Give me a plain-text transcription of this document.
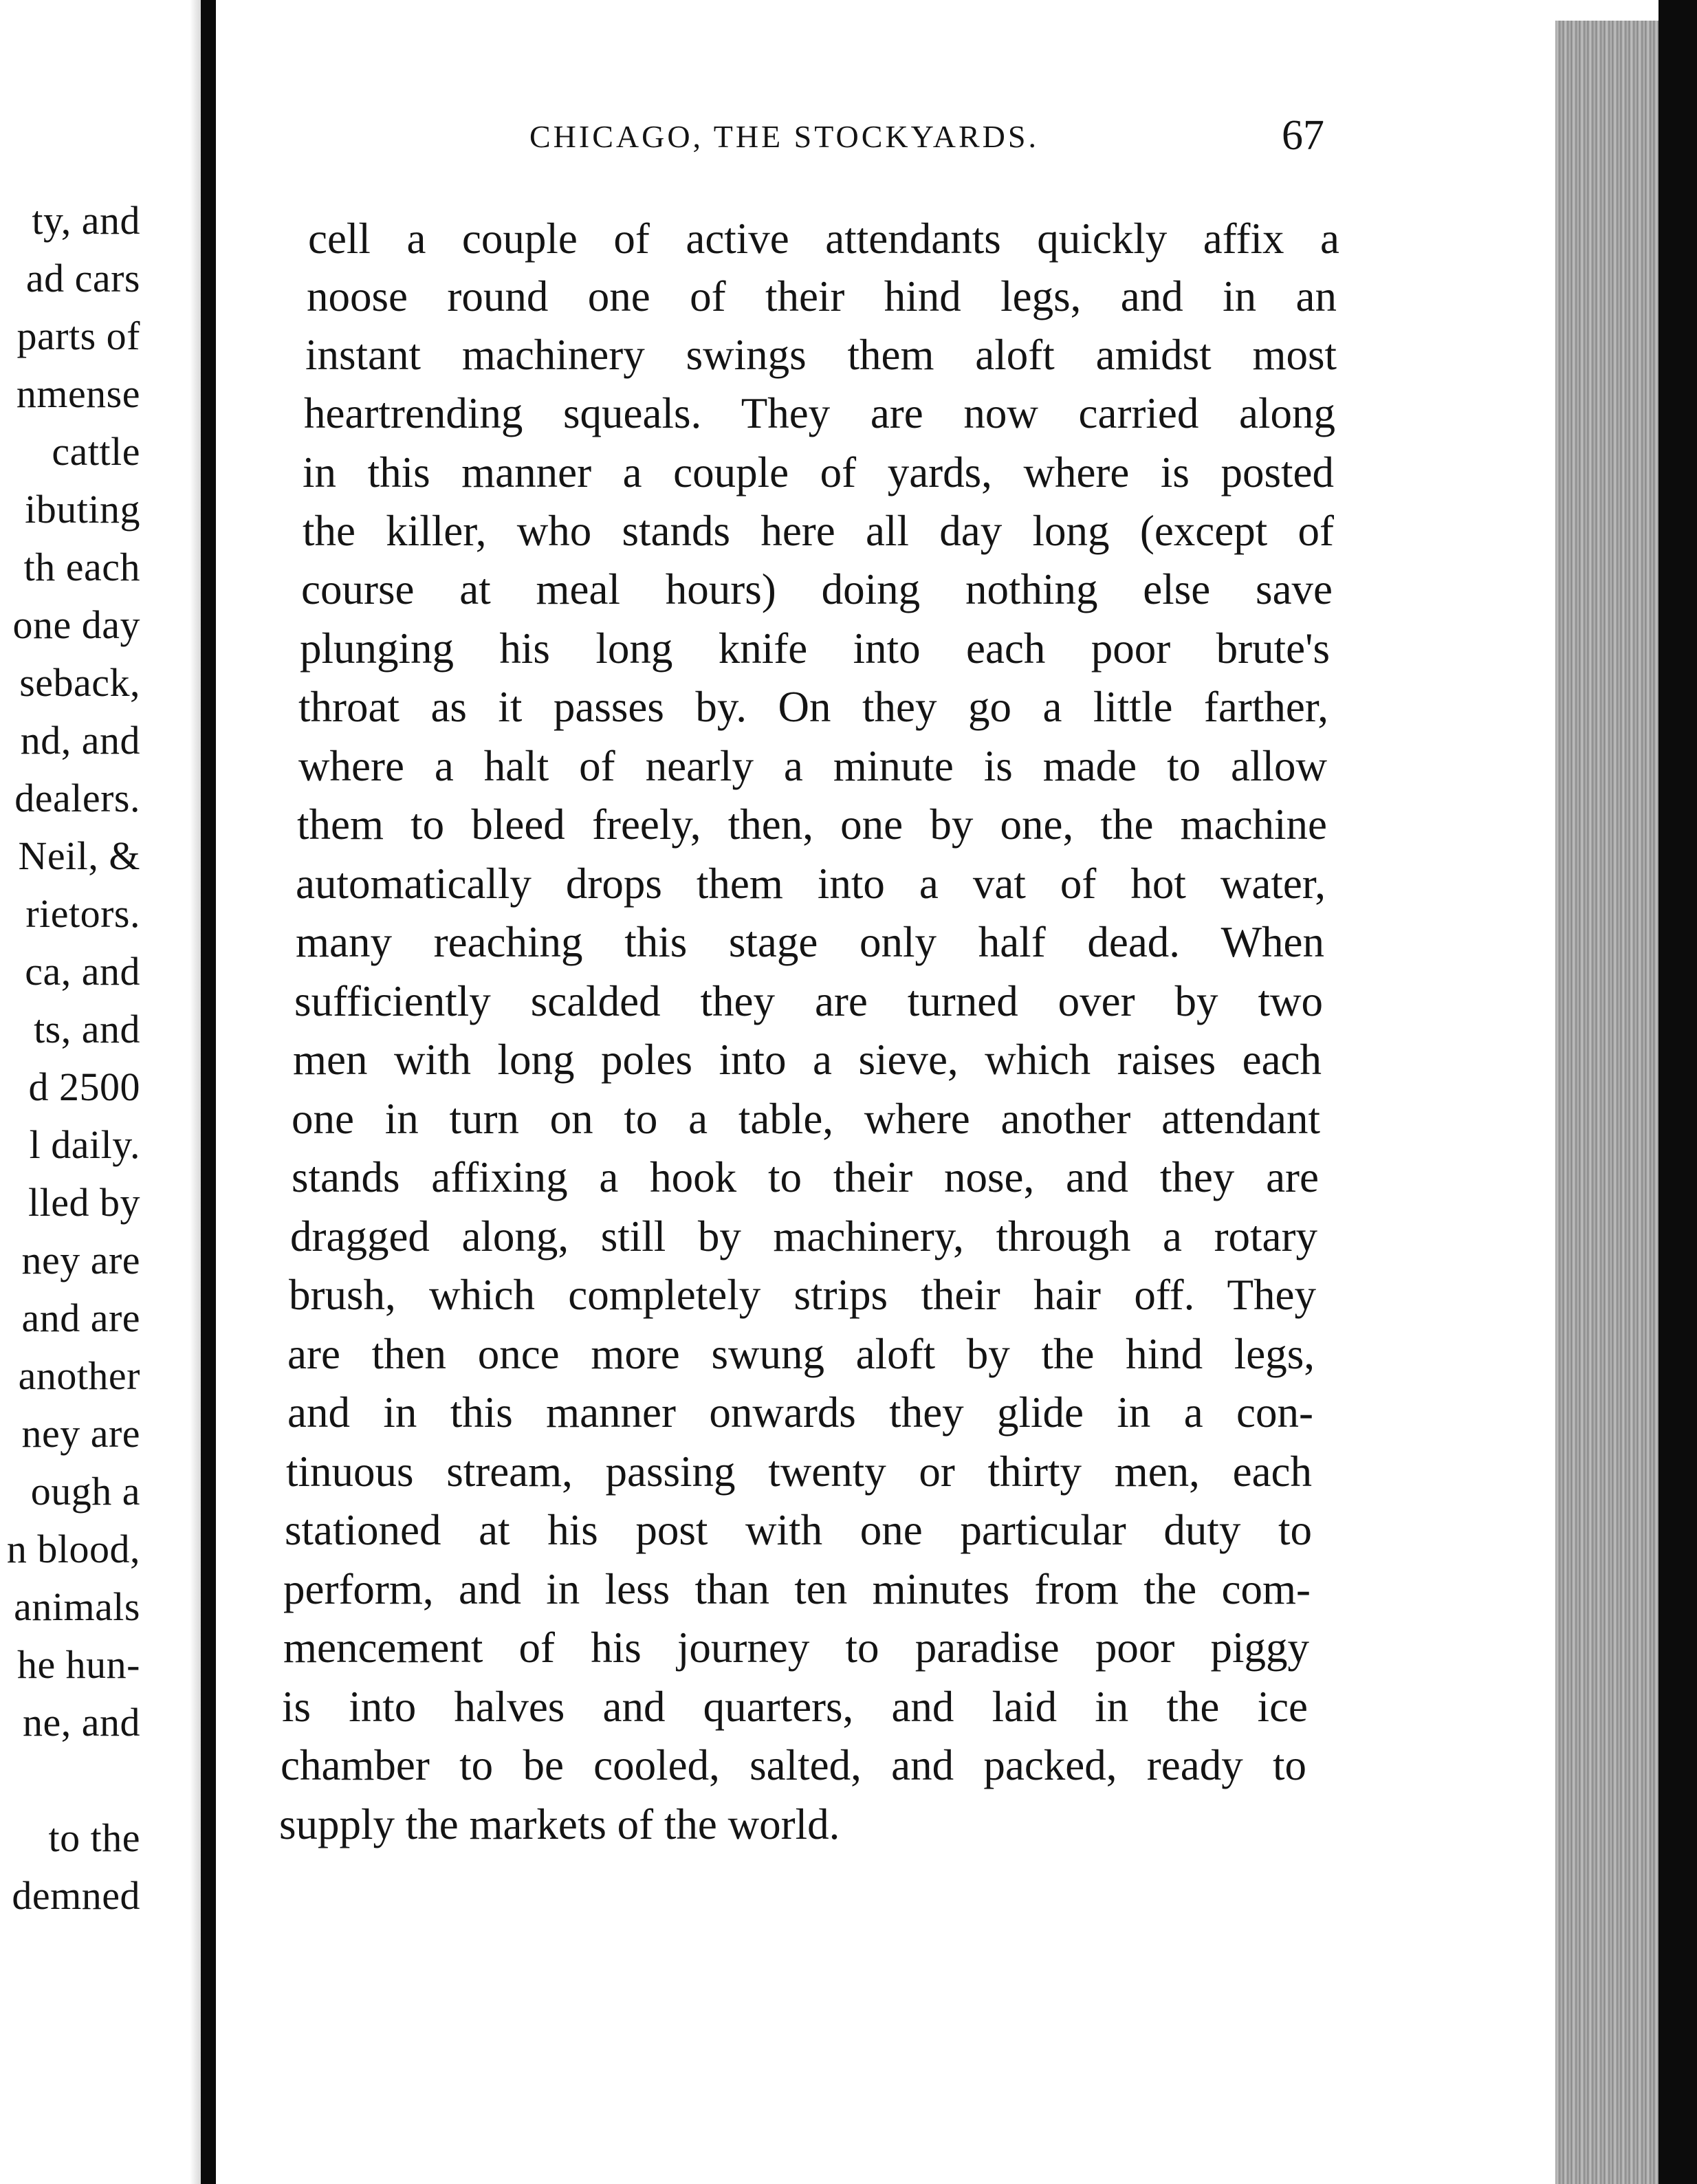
ty, and
ad cars
parts of
nmense
cattle
ibuting
th each
one day
seback,
nd, and
dealers.
Neil, &
rietors.
ca, and
ts, and
d 2500
l daily.
lled by
ney are
and are
another
ney are
ough a
n blood,
animals
he hun-
ne, and
to the
demned
CHICAGO, THE STOCKYARDS.	67
cell a couple of active attendants quickly affix a
noose round one of their hind legs, and in an
instant machinery swings them aloft amidst most
heartrending squeals. They are now carried along
in this manner a couple of yards, where is posted
the killer, who stands here all day long (except of
course at meal hours) doing nothing else save
plunging his long knife into each poor brute's
throat as it passes by. On they go a little farther,
where a halt of nearly a minute is made to allow
them to bleed freely, then, one by one, the machine
automatically drops them into a vat of hot water,
many reaching this stage only half dead. When
sufficiently scalded they are turned over by two
men with long poles into a sieve, which raises each
one in turn on to a table, where another attendant
stands affixing a hook to their nose, and they are
dragged along, still by machinery, through a rotary
brush, which completely strips their hair off. They
are then once more swung aloft by the hind legs,
and in this manner onwards they glide in a con-
tinuous stream, passing twenty or thirty men, each
stationed at his post with one particular duty to
perform, and in less than ten minutes from the com-
mencement of his journey to paradise poor piggy
is into halves and quarters, and laid in the ice
chamber to be cooled, salted, and packed, ready to
supply the markets of the world.
